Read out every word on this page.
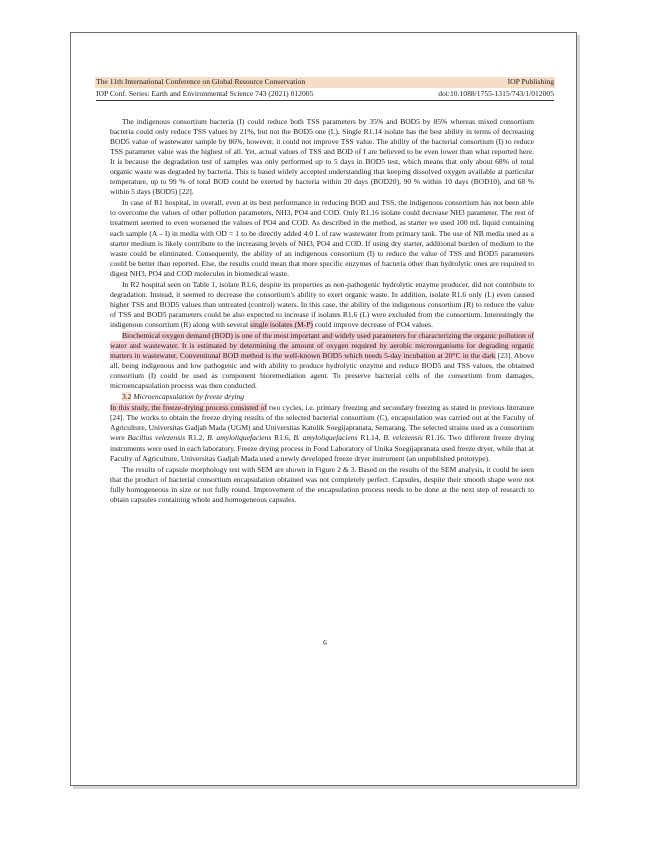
The 11th International Conference on Global Resource Conservation	IOP Publishing
IOP Conf. Series: Earth and Environmental Science 743 (2021) 012005	doi:10.1088/1755-1315/743/1/012005

The indigenous consortium bacteria (I) could reduce both TSS parameters by 35% and BOD5 by 85% whereas mixed consortium bacteria could only reduce TSS values by 21%, but not the BOD5 one (L). Single R1.14 isolate has the best ability in terms of decreasing BOD5 value of wastewater sample by 86%, however, it could not improve TSS value. The ability of the bacterial consortium (I) to reduce TSS parameter value was the highest of all. Yet, actual values of TSS and BOD of I are believed to be even lower than what reported here. It is because the degradation test of samples was only performed up to 5 days in BOD5 test, which means that only about 68% of total organic waste was degraded by bacteria. This is based widely accepted understanding that keeping dissolved oxygen available at particular temperature, up to 99 % of total BOD could be exerted by bacteria within 20 days (BOD20), 90 % within 10 days (BOD10), and 68 % within 5 days (BOD5) [22].

In case of R1 hospital, in overall, even at its best performance in reducing BOD and TSS, the indigenous consortium has not been able to overcome the values of other pollution parameters, NH3, PO4 and COD. Only R1.16 isolate could decrease NH3 parameter. The rest of treatment seemed to even worsened the values of PO4 and COD. As described in the method, as starter we used 100 mL liquid containing each sample (A – I) in media with OD = 1 to be directly added 4.0 L of raw wastewater from primary tank. The use of NB media used as a starter medium is likely contribute to the increasing levels of NH3, PO4 and COD. If using dry starter, additional burden of medium to the waste could be eliminated. Consequently, the ability of an indigenous consortium (I) to reduce the value of TSS and BOD5 parameters could be better than reported. Else, the results could mean that more specific enzymes of bacteria other than hydrolytic ones are required to digest NH3, PO4 and COD molecules in biomedical waste.

In R2 hospital seen on Table 1, isolate R1.6, despite its properties as non-pathogenic hydrolytic enzyme producer, did not contribute to degradation. Instead, it seemed to decrease the consortium's ability to exert organic waste. In addition, isolate R1.6 only (L) even caused higher TSS and BOD5 values than untreated (control) waters. In this case, the ability of the indigenous consortium (R) to reduce the value of TSS and BOD5 parameters could be also expected to increase if isolates R1.6 (L) were excluded from the consortium. Interestingly the indigenous consortium (R) along with several single isolates (M-P) could improve decrease of PO4 values.

Biochemical oxygen demand (BOD) is one of the most important and widely used parameters for characterizing the organic pollution of water and wastewater. It is estimated by determining the amount of oxygen required by aerobic microorganisms for degrading organic matters in wastewater. Conventional BOD method is the well-known BOD5 which needs 5-day incubation at 20°C in the dark [23]. Above all, being indigenous and low pathogenic and with ability to produce hydrolytic enzyme and reduce BOD5 and TSS values, the obtained consortium (I) could be used as component bioremediation agent. To preserve bacterial cells of the consortium from damages, microencapsulation process was then conducted.

3.2 Microencapsulation by freeze drying

In this study, the freeze-drying process consisted of two cycles, i.e. primary freezing and secondary freezing as stated in previous literature [24]. The works to obtain the freeze drying results of the selected bacterial consortium (C), encapsulation was carried out at the Faculty of Agriculture, Universitas Gadjah Mada (UGM) and Universitas Katolik Soegijapranata, Semarang. The selected strains used as a consortium were Bacillus velezensis R1.2, B. amyloliquefaciens R1.6, B. amyloliquefaciens R1.14, B. velezensis R1.16. Two different freeze drying instruments were used in each laboratory. Freeze drying process in Food Laboratory of Unika Soegijapranata used freeze dryer, while that at Faculty of Agriculture, Universitas Gadjah Mada used a newly developed freeze dryer instrument (an unpublished prototype).

The results of capsule morphology test with SEM are shown in Figure 2 & 3. Based on the results of the SEM analysis, it could be seen that the product of bacterial consortium encapsulation obtained was not completely perfect. Capsules, despite their smooth shape were not fully homogeneous in size or not fully round. Improvement of the encapsulation process needs to be done at the next step of research to obtain capsules containing whole and homogeneous capsules.

6
